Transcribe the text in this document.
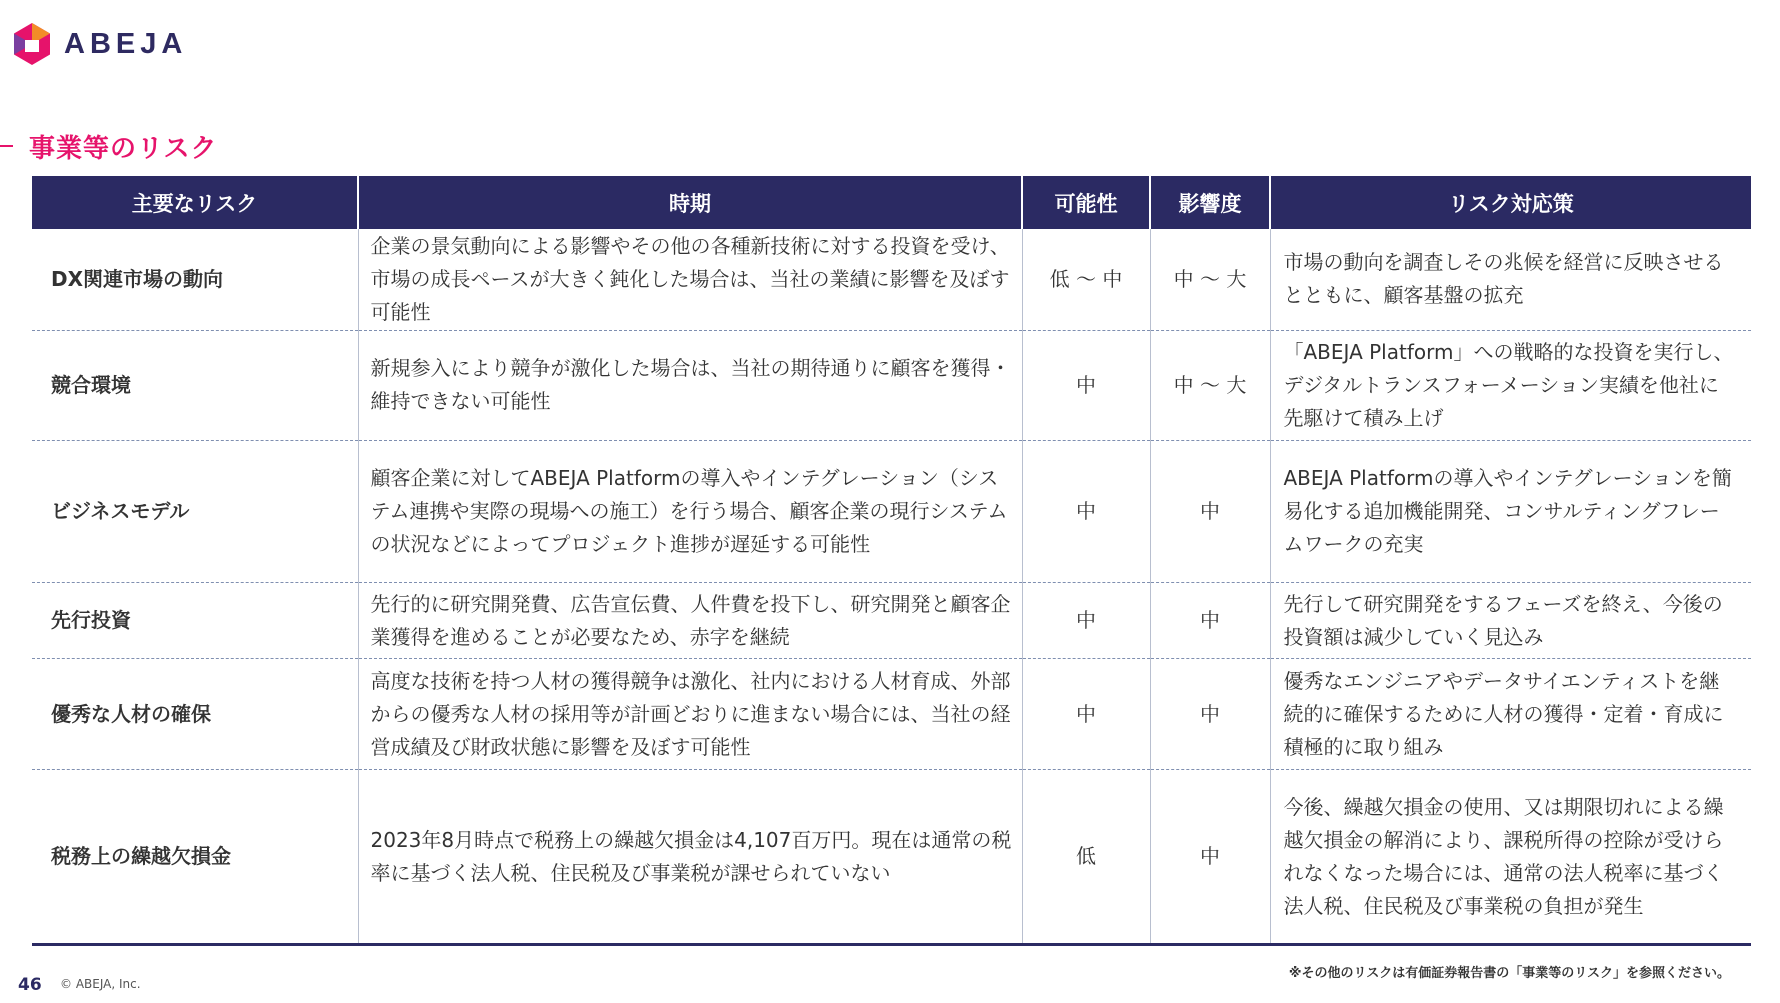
ABEJA
事業等のリスク
主要なリスク	時期	可能性	影響度	リスク対応策
DX関連市場の動向	企業の景気動向による影響やその他の各種新技術に対する投資を受け、市場の成長ペースが大きく鈍化した場合は、当社の業績に影響を及ぼす可能性	低 〜 中	中 〜 大	市場の動向を調査しその兆候を経営に反映させるとともに、顧客基盤の拡充
競合環境	新規参入により競争が激化した場合は、当社の期待通りに顧客を獲得・維持できない可能性	中	中 〜 大	「ABEJA Platform」への戦略的な投資を実行し、デジタルトランスフォーメーション実績を他社に先駆けて積み上げ
ビジネスモデル	顧客企業に対してABEJA Platformの導入やインテグレーション（システム連携や実際の現場への施工）を行う場合、顧客企業の現行システムの状況などによってプロジェクト進捗が遅延する可能性	中	中	ABEJA Platformの導入やインテグレーションを簡易化する追加機能開発、コンサルティングフレームワークの充実
先行投資	先行的に研究開発費、広告宣伝費、人件費を投下し、研究開発と顧客企業獲得を進めることが必要なため、赤字を継続	中	中	先行して研究開発をするフェーズを終え、今後の投資額は減少していく見込み
優秀な人材の確保	高度な技術を持つ人材の獲得競争は激化、社内における人材育成、外部からの優秀な人材の採用等が計画どおりに進まない場合には、当社の経営成績及び財政状態に影響を及ぼす可能性	中	中	優秀なエンジニアやデータサイエンティストを継続的に確保するために人材の獲得・定着・育成に積極的に取り組み
税務上の繰越欠損金	2023年8月時点で税務上の繰越欠損金は4,107百万円。現在は通常の税率に基づく法人税、住民税及び事業税が課せられていない	低	中	今後、繰越欠損金の使用、又は期限切れによる繰越欠損金の解消により、課税所得の控除が受けられなくなった場合には、通常の法人税率に基づく法人税、住民税及び事業税の負担が発生
46 © ABEJA, Inc.
※その他のリスクは有価証券報告書の「事業等のリスク」を参照ください。
